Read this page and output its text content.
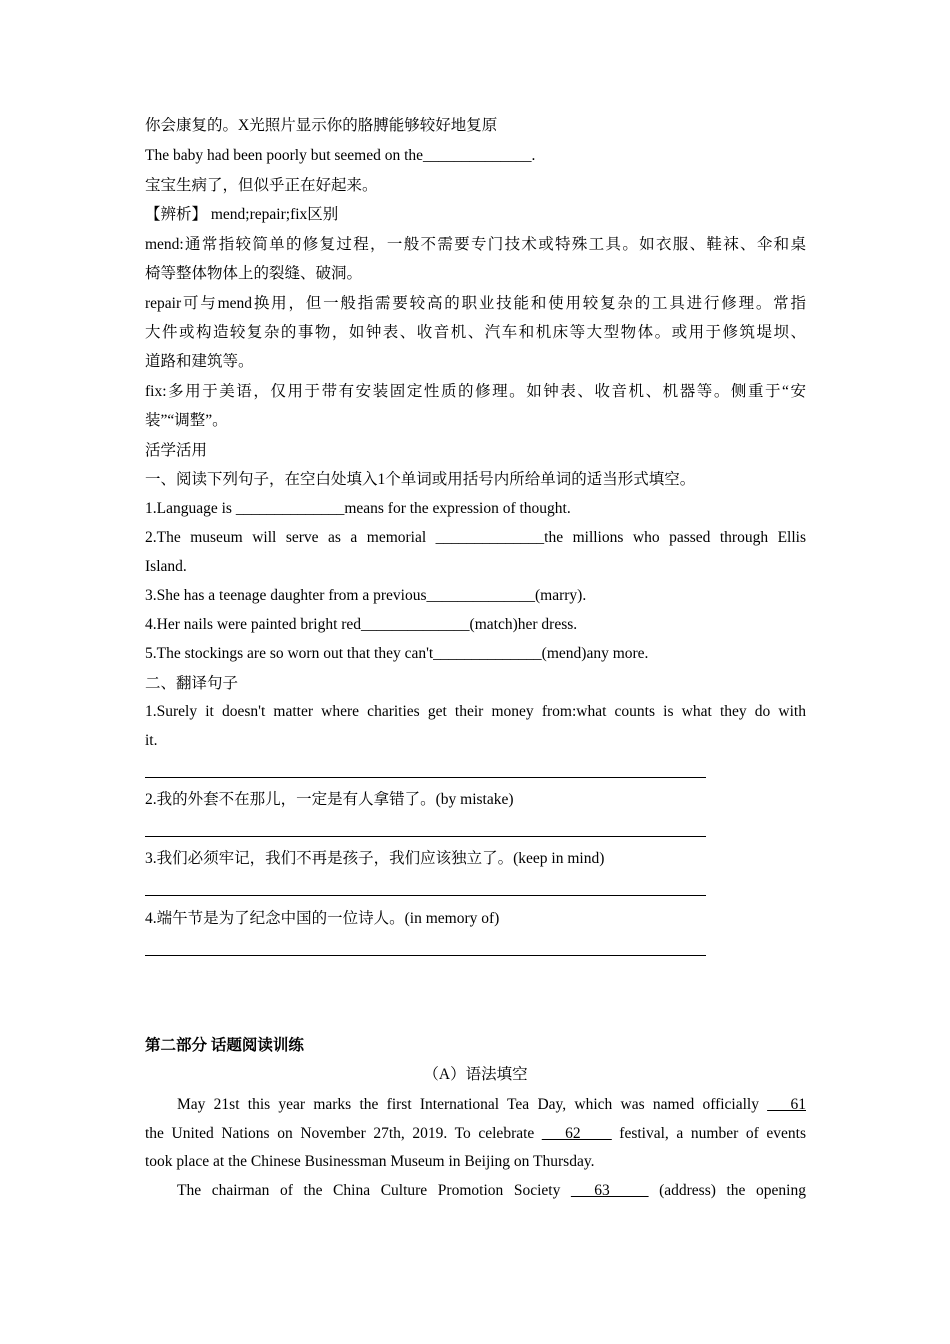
你会康复的。X光照片显示你的胳膊能够较好地复原
The baby had been poorly but seemed on the______________.
宝宝生病了，但似乎正在好起来。
【辨析】 mend;repair;fix区别
mend:通常指较简单的修复过程，一般不需要专门技术或特殊工具。如衣服、鞋袜、伞和桌
椅等整体物体上的裂缝、破洞。
repair可与mend换用，但一般指需要较高的职业技能和使用较复杂的工具进行修理。常指
大件或构造较复杂的事物，如钟表、收音机、汽车和机床等大型物体。或用于修筑堤坝、
道路和建筑等。
fix:多用于美语，仅用于带有安装固定性质的修理。如钟表、收音机、机器等。侧重于“安
装”“调整”。
活学活用
一、阅读下列句子，在空白处填入1个单词或用括号内所给单词的适当形式填空。
1.Language is ______________means for the expression of thought.
2.The museum will serve as a memorial ______________the millions who passed through Ellis
Island.
3.She has a teenage daughter from a previous______________(marry).
4.Her nails were painted bright red______________(match)her dress.
5.The stockings are so worn out that they can't______________(mend)any more.
二、翻译句子
1.Surely it doesn't matter where charities get their money from:what counts is what they do with
it.
2.我的外套不在那儿，一定是有人拿错了。(by mistake)
3.我们必须牢记，我们不再是孩子，我们应该独立了。(keep in mind)
4.端午节是为了纪念中国的一位诗人。(in memory of)
第二部分 话题阅读训练
（A）语法填空
May 21st this year marks the first International Tea Day, which was named officially ___61
the United Nations on November 27th, 2019. To celebrate ___62____ festival, a number of events
took place at the Chinese Businessman Museum in Beijing on Thursday.
The chairman of the China Culture Promotion Society ___63_____ (address) the opening
